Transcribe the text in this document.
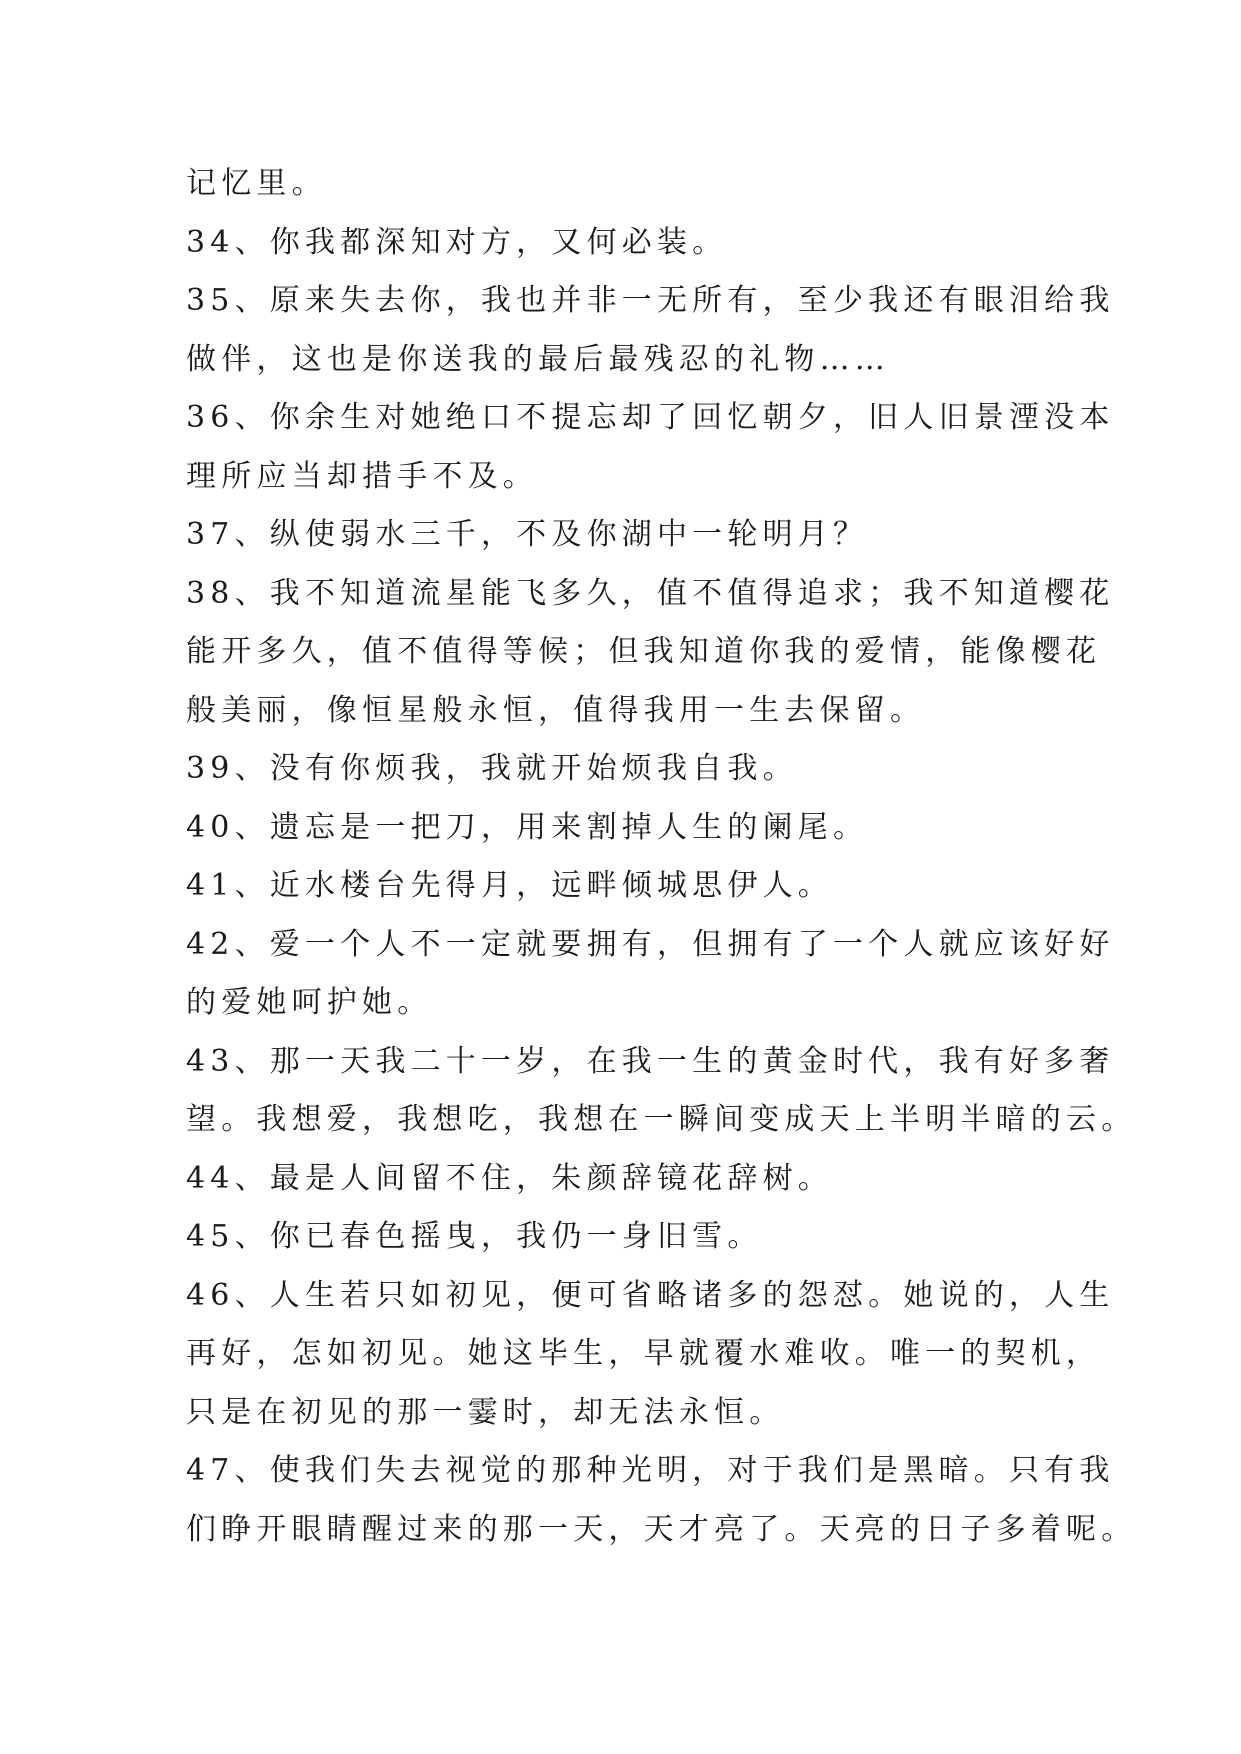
记忆里。

34、你我都深知对方，又何必装。

35、原来失去你，我也并非一无所有，至少我还有眼泪给我
做伴，这也是你送我的最后最残忍的礼物……

36、你余生对她绝口不提忘却了回忆朝夕，旧人旧景湮没本
理所应当却措手不及。

37、纵使弱水三千，不及你湖中一轮明月？

38、我不知道流星能飞多久，值不值得追求；我不知道樱花
能开多久，值不值得等候；但我知道你我的爱情，能像樱花
般美丽，像恒星般永恒，值得我用一生去保留。

39、没有你烦我，我就开始烦我自我。

40、遗忘是一把刀，用来割掉人生的阑尾。

41、近水楼台先得月，远畔倾城思伊人。

42、爱一个人不一定就要拥有，但拥有了一个人就应该好好
的爱她呵护她。

43、那一天我二十一岁，在我一生的黄金时代，我有好多奢
望。我想爱，我想吃，我想在一瞬间变成天上半明半暗的云。

44、最是人间留不住，朱颜辞镜花辞树。

45、你已春色摇曳，我仍一身旧雪。

46、人生若只如初见，便可省略诸多的怨怼。她说的，人生
再好，怎如初见。她这毕生，早就覆水难收。唯一的契机，
只是在初见的那一霎时，却无法永恒。

47、使我们失去视觉的那种光明，对于我们是黑暗。只有我
们睁开眼睛醒过来的那一天，天才亮了。天亮的日子多着呢。
